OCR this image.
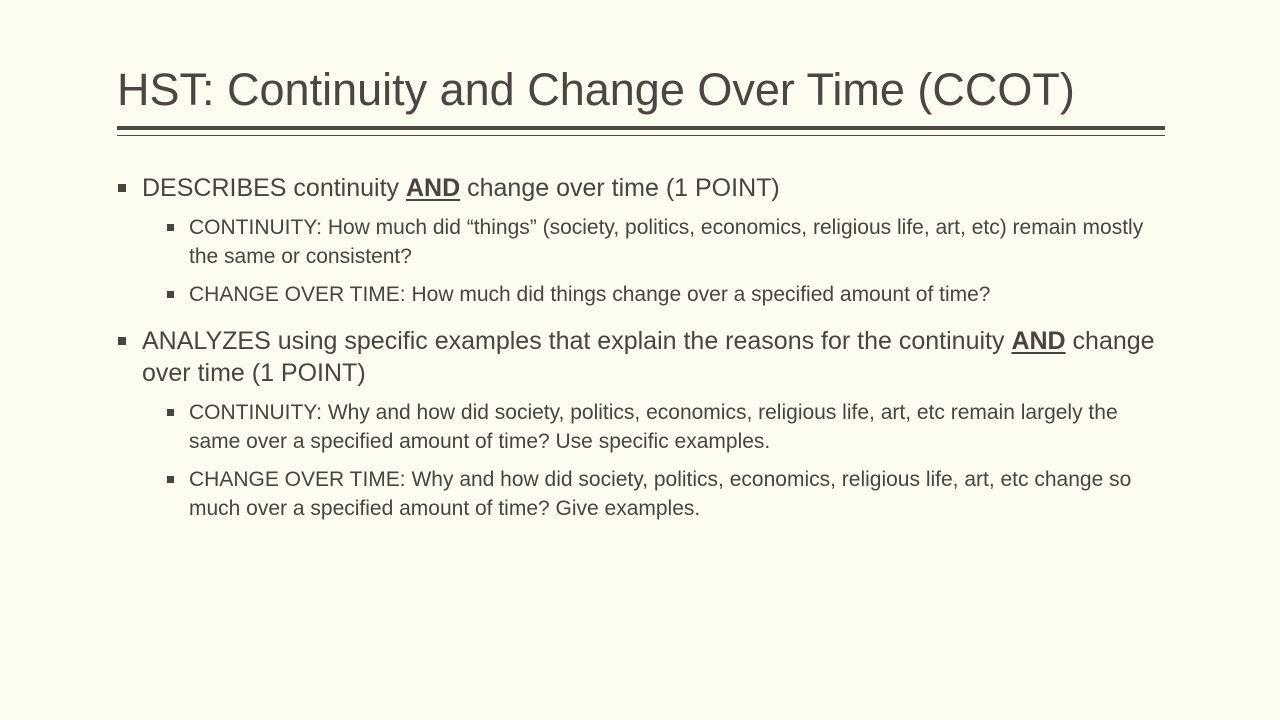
HST: Continuity and Change Over Time (CCOT)
DESCRIBES continuity AND change over time (1 POINT)
CONTINUITY: How much did “things” (society, politics, economics, religious life, art, etc) remain mostly the same or consistent?
CHANGE OVER TIME: How much did things change over a specified amount of time?
ANALYZES using specific examples that explain the reasons for the continuity AND change over time (1 POINT)
CONTINUITY: Why and how did society, politics, economics, religious life, art, etc remain largely the same over a specified amount of time? Use specific examples.
CHANGE OVER TIME: Why and how did society, politics, economics, religious life, art, etc change so much over a specified amount of time? Give examples.
